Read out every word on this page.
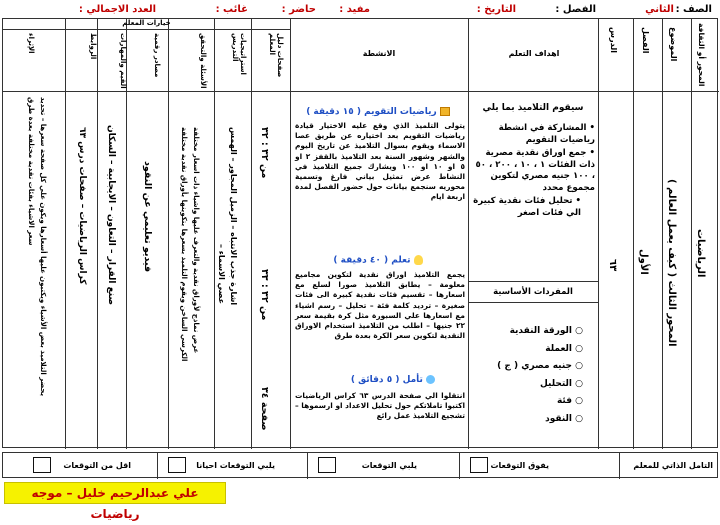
الصف :
الثاني
الفصل :
التاريخ :
مفيد :
حاضر :
غائب :
العدد الاجمالي :
المحور أو الثقافة
الموضوع
الفصل
الدرس
اهداف التعلم
الانشطة
خيارات المعلم
صفحات دليل المعلم
استراتيجيات التدريس
الأسئلة والتحقق
مصادر رقمية
القيم والمهارات
الروابط
الإثراء
الرياضيات
المحور الثالث ( كيف يعمل العالم )
الأول
٦٣
سيقوم التلاميذ بما يلي
• المشاركة في انشطة رياضيات التقويم
• جمع اوراق نقدية مصرية ذات الفئات ١ ، ١٠ ، ٢٠٠ ، ٥٠ ، ١٠٠ جنيه مصري لتكوين مجموع محدد
• تحليل فئات نقدية كبيرة الي فئات اصغر
المفردات الأساسية
○ الورقة النقدية
○ العملة
○ جنيه مصري ( ج )
○ التحليل
○ فئة
○ النقود
رياضيات التقويم ( ١٥ دقيقة )
يتولى التلميذ الذي وقع عليه الاختيار قيادة رياضيات التقويم بعد اختياره عن طريق عصا الاسماء ويقوم بسوال التلاميذ عن تاريخ اليوم والشهر وشهور السنة بعد التلاميذ بالقفز ٢ او ٥ او ١٠ او ١٠٠ ويشارك جميع التلاميذ في النشاط عرض تمثيل بياني فارغ وتسمية محوريه سنجمع بيانات حول حضور الفصل لمدة اربعة ايام
تعلم ( ٤٠ دقيقة )
يجمع التلاميذ اوراق نقدية لتكوين مجاميع معلومة – يطابق التلاميذ صورا لسلع مع اسعارها – تقسيم فئات نقدية كبيرة الى فئات صغيرة – ترديد كلمة فئة – تحليل – رسم اشياء مع اسعارها علي السبورة مثل كرة بقيمة سعر ٢٢ جنيها – اطلب من التلاميذ استخدام الاوراق النقدية لتكوين سعر الكرة بعدة طرق
تأمل ( ٥ دقائق )
انتقلوا الي صفحة الدرس ٦٣ كراس الرياضيات اكتبوا تاملاتكم حول تحليل الاعداد او ارسموها – تشجيع التلاميذ عمل رائع
من ٣٢ : ٣٢
من ٣٢ : ٣٣
صفحة ٣٤
اشارة جذب الانتباه – الزميل المجاور – الهمس
– عصي الاسماء
عرض نماذج لأوراق نقدية والتعرف عليها واشياء ذات اسعار مختلفة
الكرسي الساخن ويقوم التلميذ بسعرها بتكوينها بأوراق نقدية مختلفة
فيديو تعليمي عن النقود
صنع القرار – التعاون – الايجابية – السكان
كراس الرياضيات – صفحات درس ٦٣
يحضر التلاميذ بعض الأشياء ويكتبون عليها أسعارها ويكون علي كل صفحة سعرها – تحديد
سعر الاشياء بفئات نقدية مختلفة بعدة طرق
التامل الذاتي للمعلم
يفوق التوقعات
يلبي التوقعات
يلبي التوقعات احيانا
اقل من التوقعات
علي عبدالرحيم خليل – موجه رياضيات
